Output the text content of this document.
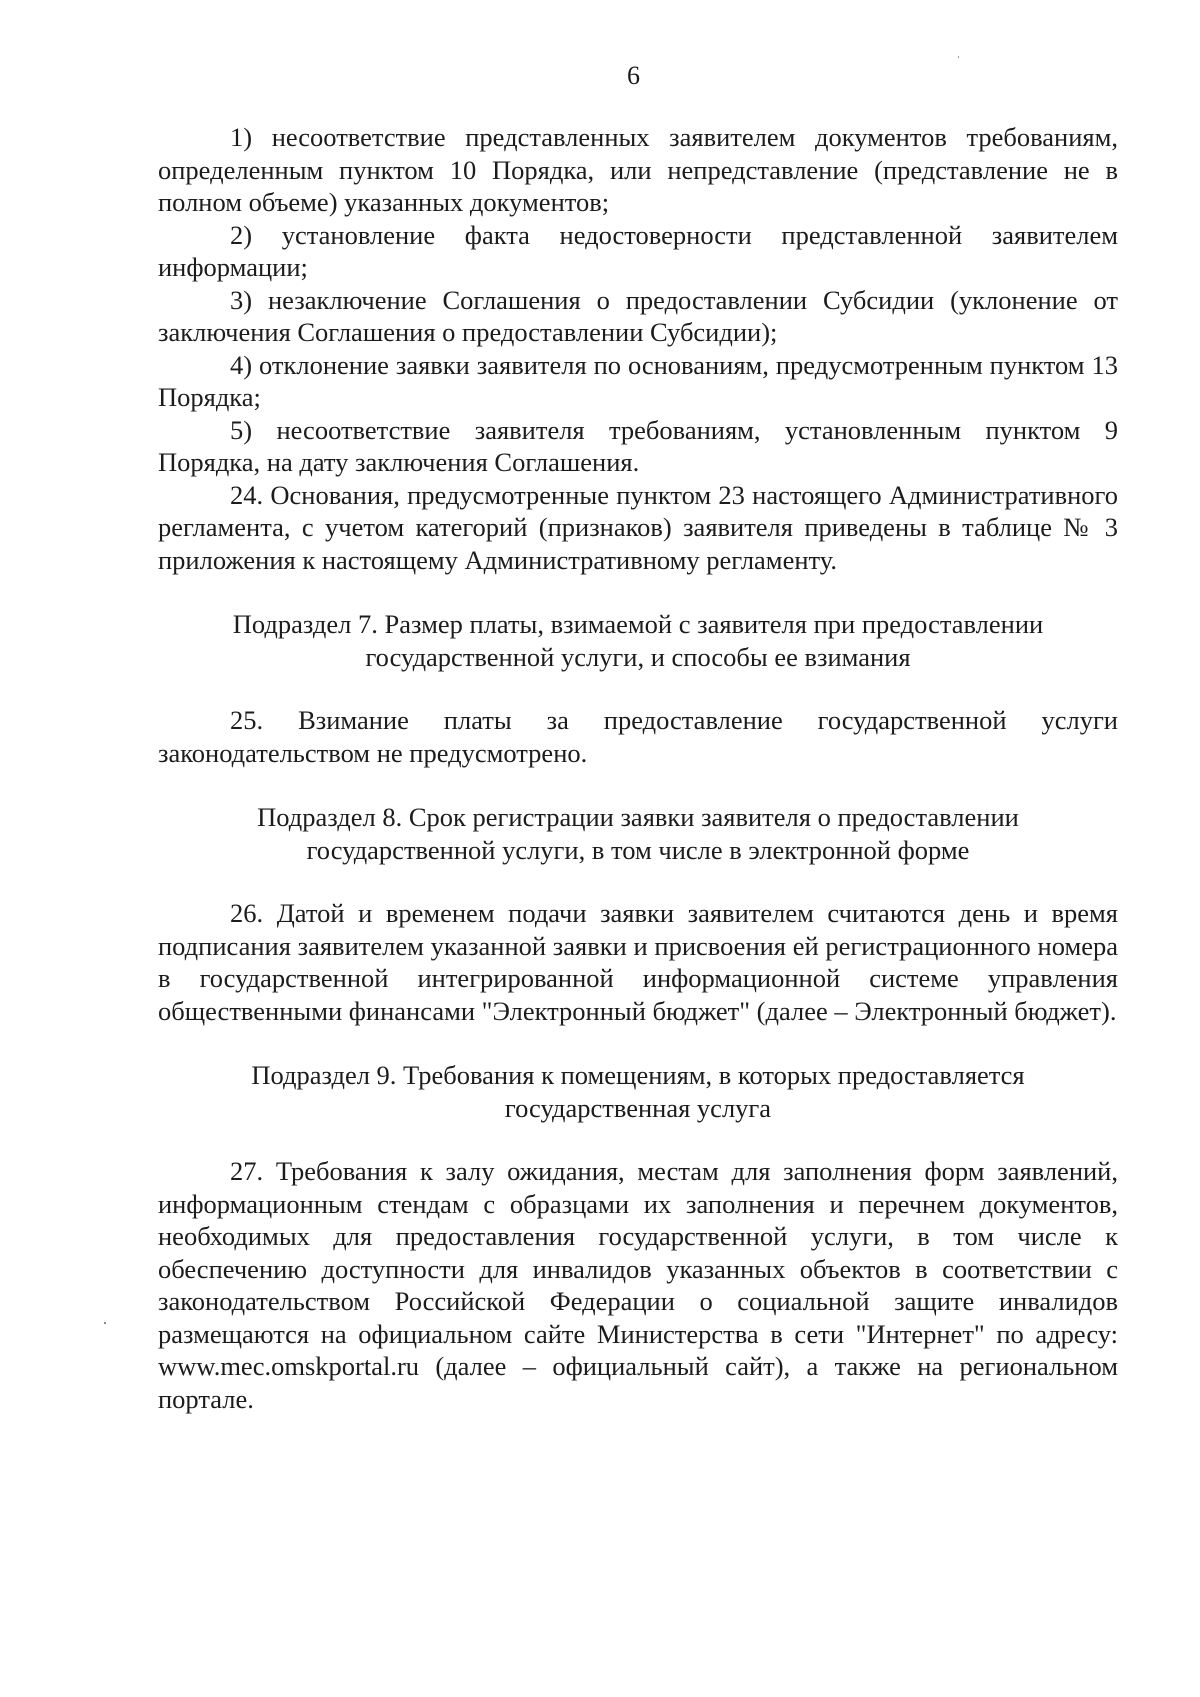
6

1) несоответствие представленных заявителем документов требованиям, определенным пунктом 10 Порядка, или непредставление (представление не в полном объеме) указанных документов;

2) установление факта недостоверности представленной заявителем информации;

3) незаключение Соглашения о предоставлении Субсидии (уклонение от заключения Соглашения о предоставлении Субсидии);

4) отклонение заявки заявителя по основаниям, предусмотренным пунктом 13 Порядка;

5) несоответствие заявителя требованиям, установленным пунктом 9 Порядка, на дату заключения Соглашения.

24. Основания, предусмотренные пунктом 23 настоящего Административного регламента, с учетом категорий (признаков) заявителя приведены в таблице № 3 приложения к настоящему Административному регламенту.

Подраздел 7. Размер платы, взимаемой с заявителя при предоставлении
государственной услуги, и способы ее взимания

25. Взимание платы за предоставление государственной услуги законодательством не предусмотрено.

Подраздел 8. Срок регистрации заявки заявителя о предоставлении
государственной услуги, в том числе в электронной форме

26. Датой и временем подачи заявки заявителем считаются день и время подписания заявителем указанной заявки и присвоения ей регистрационного номера в государственной интегрированной информационной системе управления общественными финансами "Электронный бюджет" (далее – Электронный бюджет).

Подраздел 9. Требования к помещениям, в которых предоставляется
государственная услуга

27. Требования к залу ожидания, местам для заполнения форм заявлений, информационным стендам с образцами их заполнения и перечнем документов, необходимых для предоставления государственной услуги, в том числе к обеспечению доступности для инвалидов указанных объектов в соответствии с законодательством Российской Федерации о социальной защите инвалидов размещаются на официальном сайте Министерства в сети "Интернет" по адресу: www.mec.omskportal.ru (далее – официальный сайт), а также на региональном портале.
